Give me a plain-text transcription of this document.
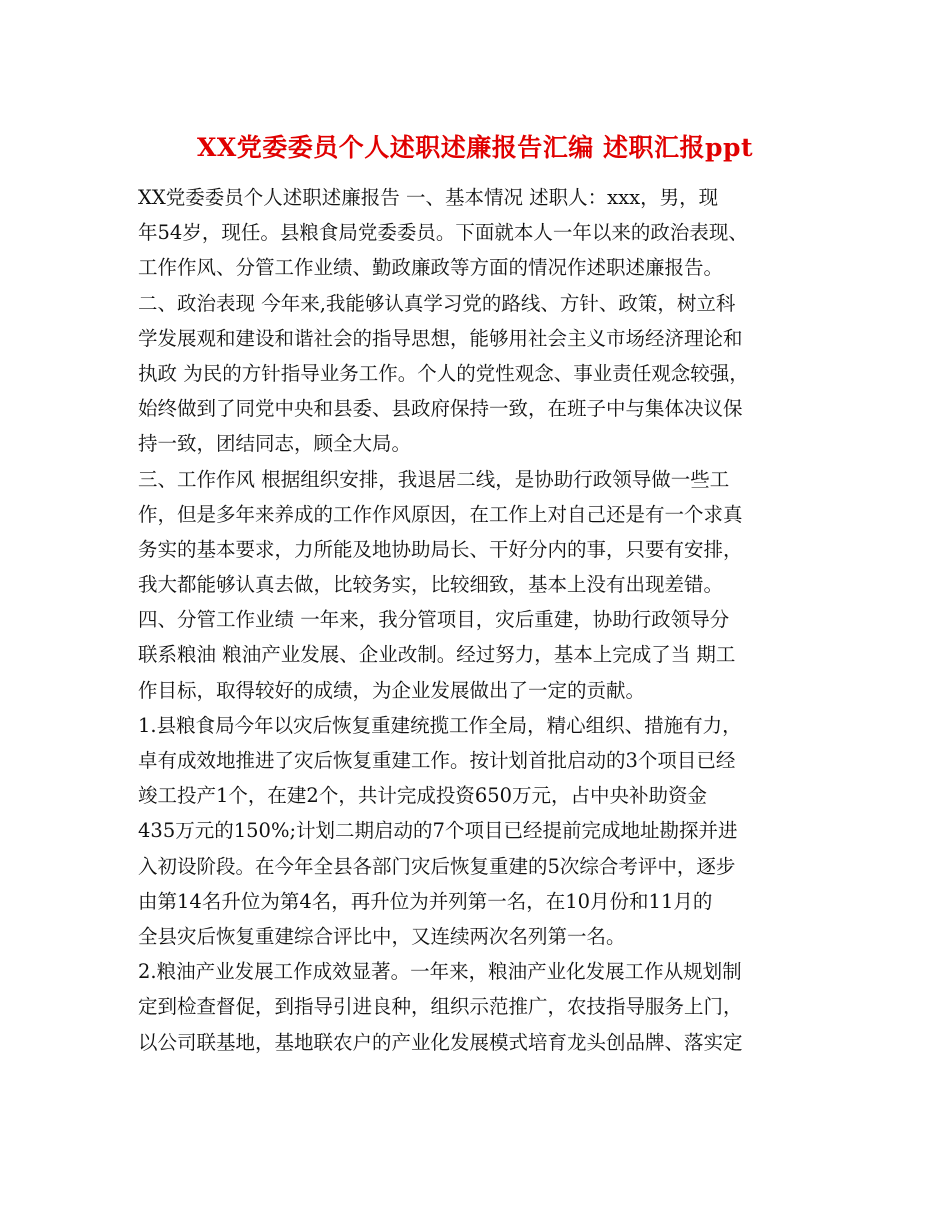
XX党委委员个人述职述廉报告汇编 述职汇报ppt
XX党委委员个人述职述廉报告 一、基本情况 述职人：xxx，男，现
年54岁，现任。县粮食局党委委员。下面就本人一年以来的政治表现、
工作作风、分管工作业绩、勤政廉政等方面的情况作述职述廉报告。
二、政治表现 今年来,我能够认真学习党的路线、方针、政策，树立科
学发展观和建设和谐社会的指导思想，能够用社会主义市场经济理论和
执政 为民的方针指导业务工作。个人的党性观念、事业责任观念较强，
始终做到了同党中央和县委、县政府保持一致，在班子中与集体决议保
持一致，团结同志，顾全大局。
三、工作作风 根据组织安排，我退居二线，是协助行政领导做一些工
作，但是多年来养成的工作作风原因，在工作上对自己还是有一个求真
务实的基本要求，力所能及地协助局长、干好分内的事，只要有安排，
我大都能够认真去做，比较务实，比较细致，基本上没有出现差错。
四、分管工作业绩 一年来，我分管项目，灾后重建，协助行政领导分
联系粮油 粮油产业发展、企业改制。经过努力，基本上完成了当 期工
作目标，取得较好的成绩，为企业发展做出了一定的贡献。
1.县粮食局今年以灾后恢复重建统揽工作全局，精心组织、措施有力，
卓有成效地推进了灾后恢复重建工作。按计划首批启动的3个项目已经
竣工投产1个，在建2个，共计完成投资650万元，占中央补助资金
435万元的150%;计划二期启动的7个项目已经提前完成地址勘探并进
入初设阶段。在今年全县各部门灾后恢复重建的5次综合考评中，逐步
由第14名升位为第4名，再升位为并列第一名，在10月份和11月的
全县灾后恢复重建综合评比中，又连续两次名列第一名。
2.粮油产业发展工作成效显著。一年来，粮油产业化发展工作从规划制
定到检查督促，到指导引进良种，组织示范推广，农技指导服务上门，
以公司联基地，基地联农户的产业化发展模式培育龙头创品牌、落实定
